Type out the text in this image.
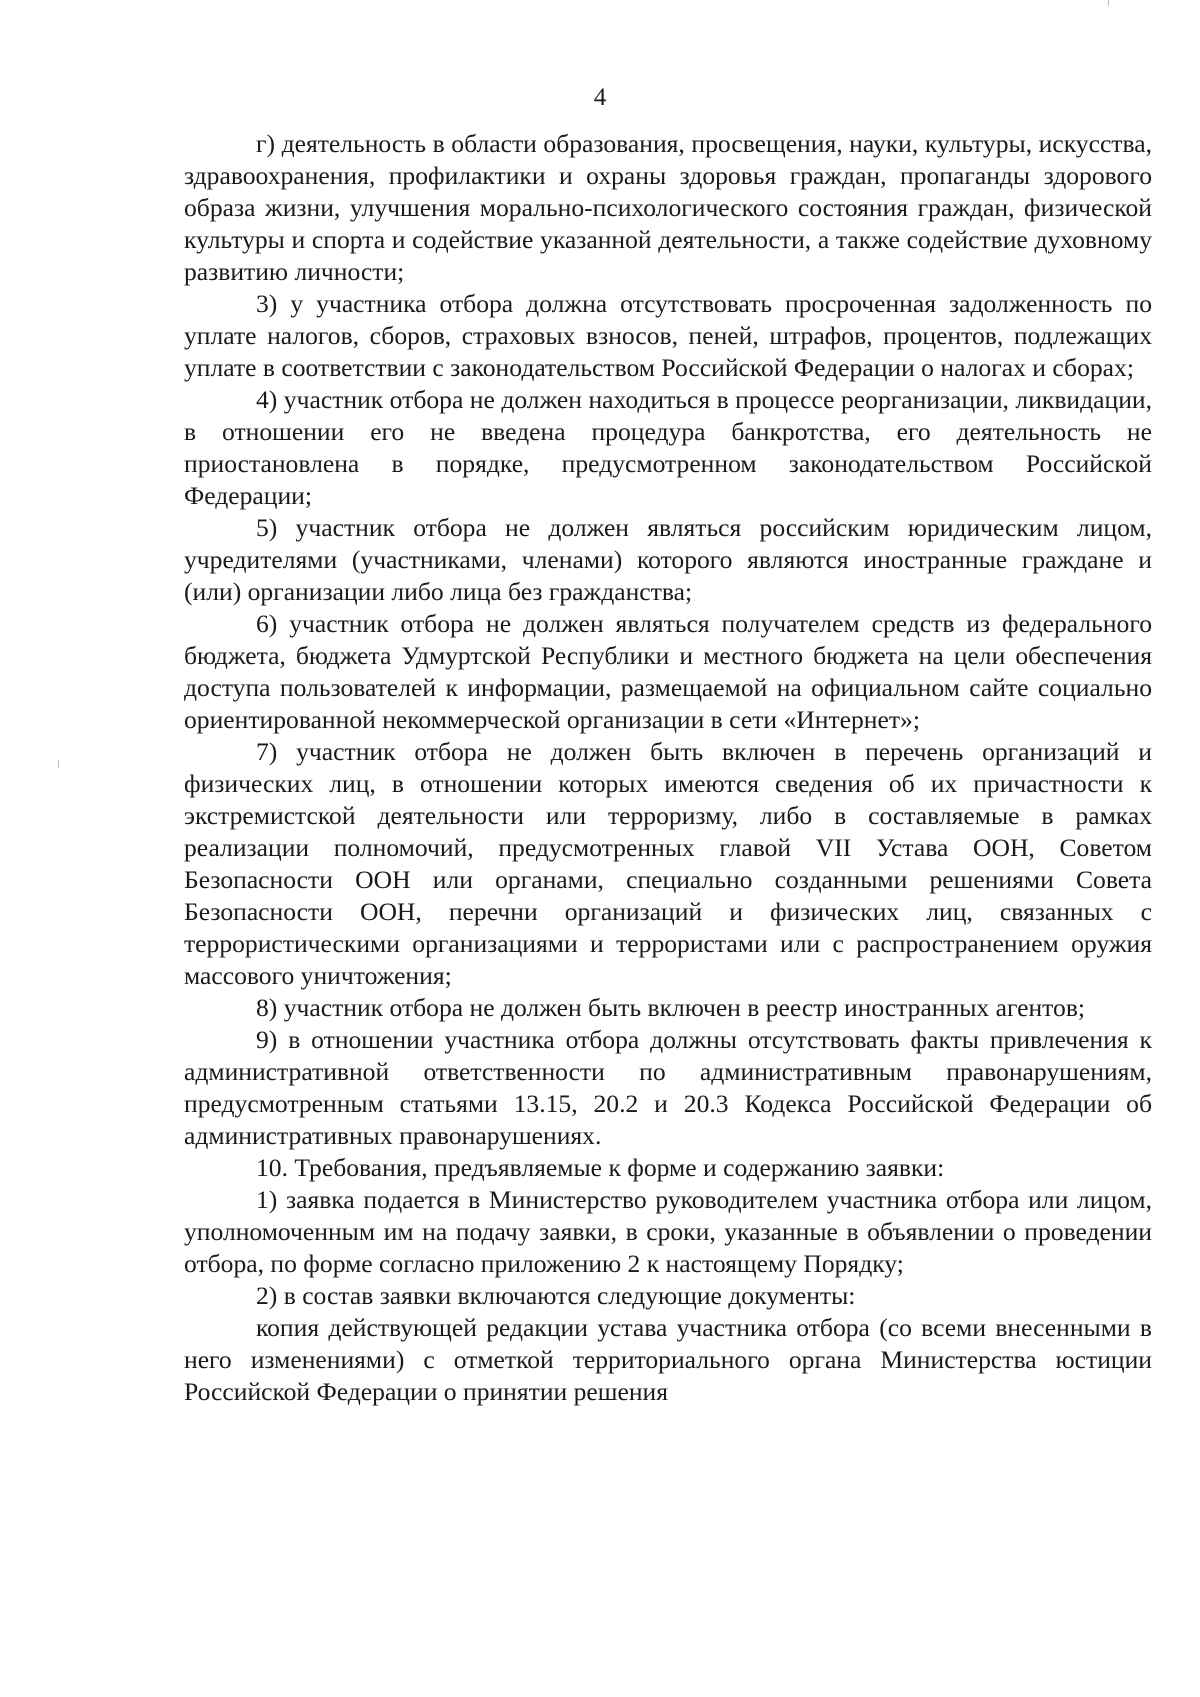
4

г) деятельность в области образования, просвещения, науки, культуры, искусства, здравоохранения, профилактики и охраны здоровья граждан, пропаганды здорового образа жизни, улучшения морально-психологического состояния граждан, физической культуры и спорта и содействие указанной деятельности, а также содействие духовному развитию личности;

3) у участника отбора должна отсутствовать просроченная задолженность по уплате налогов, сборов, страховых взносов, пеней, штрафов, процентов, подлежащих уплате в соответствии с законодательством Российской Федерации о налогах и сборах;

4) участник отбора не должен находиться в процессе реорганизации, ликвидации, в отношении его не введена процедура банкротства, его деятельность не приостановлена в порядке, предусмотренном законодательством Российской Федерации;

5) участник отбора не должен являться российским юридическим лицом, учредителями (участниками, членами) которого являются иностранные граждане и (или) организации либо лица без гражданства;

6) участник отбора не должен являться получателем средств из федерального бюджета, бюджета Удмуртской Республики и местного бюджета на цели обеспечения доступа пользователей к информации, размещаемой на официальном сайте социально ориентированной некоммерческой организации в сети «Интернет»;

7) участник отбора не должен быть включен в перечень организаций и физических лиц, в отношении которых имеются сведения об их причастности к экстремистской деятельности или терроризму, либо в составляемые в рамках реализации полномочий, предусмотренных главой VII Устава ООН, Советом Безопасности ООН или органами, специально созданными решениями Совета Безопасности ООН, перечни организаций и физических лиц, связанных с террористическими организациями и террористами или с распространением оружия массового уничтожения;

8) участник отбора не должен быть включен в реестр иностранных агентов;

9) в отношении участника отбора должны отсутствовать факты привлечения к административной ответственности по административным правонарушениям, предусмотренным статьями 13.15, 20.2 и 20.3 Кодекса Российской Федерации об административных правонарушениях.

10. Требования, предъявляемые к форме и содержанию заявки:

1) заявка подается в Министерство руководителем участника отбора или лицом, уполномоченным им на подачу заявки, в сроки, указанные в объявлении о проведении отбора, по форме согласно приложению 2 к настоящему Порядку;

2) в состав заявки включаются следующие документы:

копия действующей редакции устава участника отбора (со всеми внесенными в него изменениями) с отметкой территориального органа Министерства юстиции Российской Федерации о принятии решения
